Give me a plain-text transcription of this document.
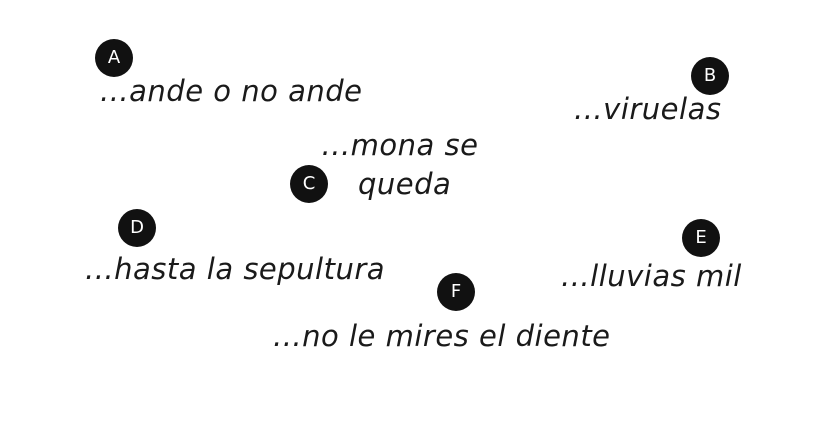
A
...ande o no ande	B
...viruelas
...mona se
C	queda
D
...hasta la sepultura
E
...lluvias mil
F
...no le mires el diente
